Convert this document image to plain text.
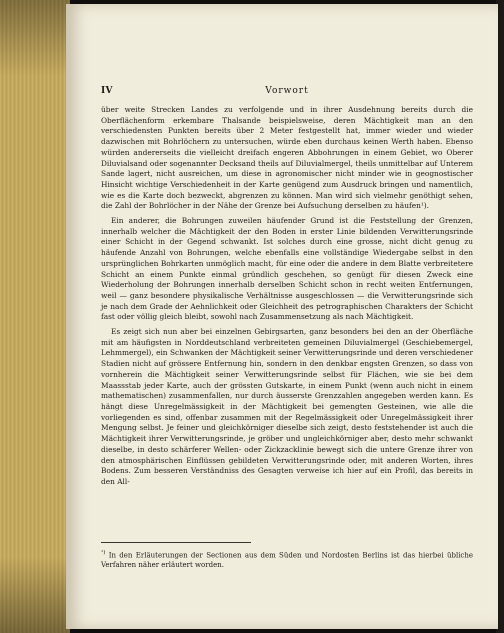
IV	Vorwort

über weite Strecken Landes zu verfolgende und in ihrer Ausdehnung bereits durch die Oberflächenform erkembare Thalsande beispielsweise, deren Mächtigkeit man an den verschiedensten Punkten bereits über 2 Meter festgestellt hat, immer wieder und wieder dazwischen mit Bohrlöchern zu untersuchen, würde eben durchaus keinen Werth haben. Ebenso würden andererseits die vielleicht dreifach engeren Abbohrungen in einem Gebiet, wo Oberer Diluvialsand oder sogenannter Decksand theils auf Diluvialmergel, theils unmittelbar auf Unterem Sande lagert, nicht ausreichen, um diese in agronomischer nicht minder wie in geognostischer Hinsicht wichtige Verschiedenheit in der Karte genügend zum Ausdruck bringen und namentlich, wie es die Karte doch bezweckt, abgrenzen zu können. Man wird sich vielmehr genöthigt sehen, die Zahl der Bohrlöcher in der Nähe der Grenze bei Aufsuchung derselben zu häufen¹).

Ein anderer, die Bohrungen zuweilen häufender Grund ist die Feststellung der Grenzen, innerhalb welcher die Mächtigkeit der den Boden in erster Linie bildenden Verwitterungsrinde einer Schicht in der Gegend schwankt. Ist solches durch eine grosse, nicht dicht genug zu häufende Anzahl von Bohrungen, welche ebenfalls eine vollständige Wiedergabe selbst in den ursprünglichen Bohrkarten unmöglich macht, für eine oder die andere in dem Blatte verbreitetere Schicht an einem Punkte einmal gründlich geschehen, so genügt für diesen Zweck eine Wiederholung der Bohrungen innerhalb derselben Schicht schon in recht weiten Entfernungen, weil — ganz besondere physikalische Verhältnisse ausgeschlossen — die Verwitterungsrinde sich je nach dem Grade der Aehnlichkeit oder Gleichheit des petrographischen Charakters der Schicht fast oder völlig gleich bleibt, sowohl nach Zusammensetzung als nach Mächtigkeit.

Es zeigt sich nun aber bei einzelnen Gebirgsarten, ganz besonders bei den an der Oberfläche mit am häufigsten in Norddeutschland verbreiteten gemeinen Diluvialmergel (Geschiebemergel, Lehmmergel), ein Schwanken der Mächtigkeit seiner Verwitterungsrinde und deren verschiedener Stadien nicht auf grössere Entfernung hin, sondern in den denkbar engsten Grenzen, so dass von vornherein die Mächtigkeit seiner Verwitterungsrinde selbst für Flächen, wie sie bei dem Maassstab jeder Karte, auch der grössten Gutskarte, in einem Punkt (wenn auch nicht in einem mathematischen) zusammenfallen, nur durch äusserste Grenzzahlen angegeben werden kann. Es hängt diese Unregelmässigkeit in der Mächtigkeit bei gemengten Gesteinen, wie alle die vorliegenden es sind, offenbar zusammen mit der Regelmässigkeit oder Unregelmässigkeit ihrer Mengung selbst. Je feiner und gleichkörniger dieselbe sich zeigt, desto feststehender ist auch die Mächtigkeit ihrer Verwitterungsrinde, je gröber und ungleichkörniger aber, desto mehr schwankt dieselbe, in desto schärferer Wellen- oder Zickzacklinie bewegt sich die untere Grenze ihrer von den atmosphärischen Einflüssen gebildeten Verwitterungsrinde oder, mit anderen Worten, ihres Bodens. Zum besseren Verständniss des Gesagten verweise ich hier auf ein Profil, das bereits in den All-

$^{^1)}$ In den Erläuterungen der Sectionen aus dem Süden und Nordosten Berlins ist das hierbei übliche Verfahren näher erläutert worden.
